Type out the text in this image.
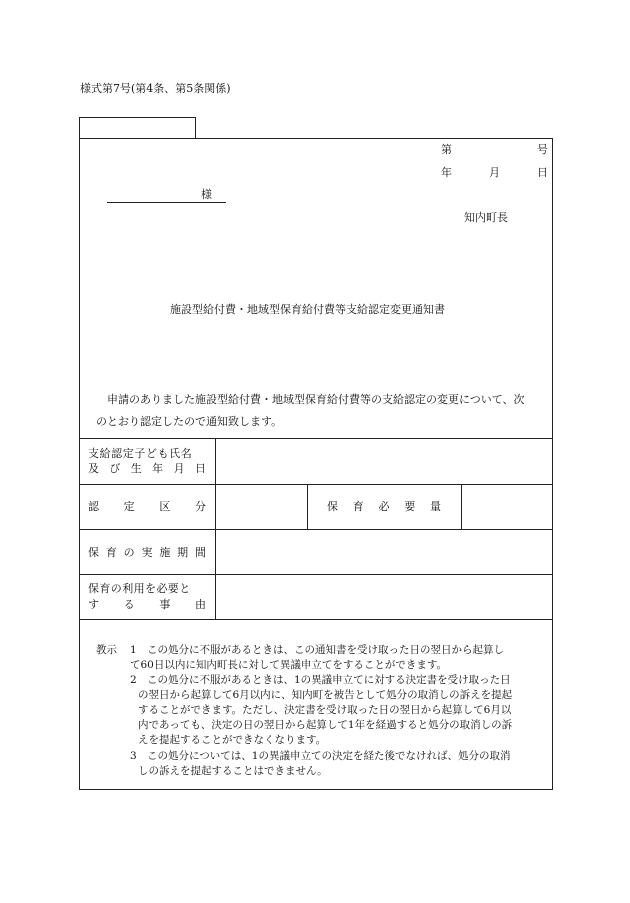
様式第7号(第4条、第5条関係)
第	号
年	月	日
様
知内町長
施設型給付費・地域型保育給付費等支給認定変更通知書
申請のありました施設型給付費・地域型保育給付費等の支給認定の変更について、次
のとおり認定したので通知致します。
支給認定子ども氏名
及 び 生 年 月 日
認 定 区 分	保 育 必 要 量
保 育 の 実 施 期 間
保育の利用を必要と
す る 事 由
教示 1 この処分に不服があるときは、この通知書を受け取った日の翌日から起算し
て60日以内に知内町長に対して異議申立てをすることができます。
2 この処分に不服があるときは、1の異議申立てに対する決定書を受け取った日
の翌日から起算して6月以内に、知内町を被告として処分の取消しの訴えを提起
することができます。ただし、決定書を受け取った日の翌日から起算して6月以
内であっても、決定の日の翌日から起算して1年を経過すると処分の取消しの訴
えを提起することができなくなります。
3 この処分については、1の異議申立ての決定を経た後でなければ、処分の取消
しの訴えを提起することはできません。
